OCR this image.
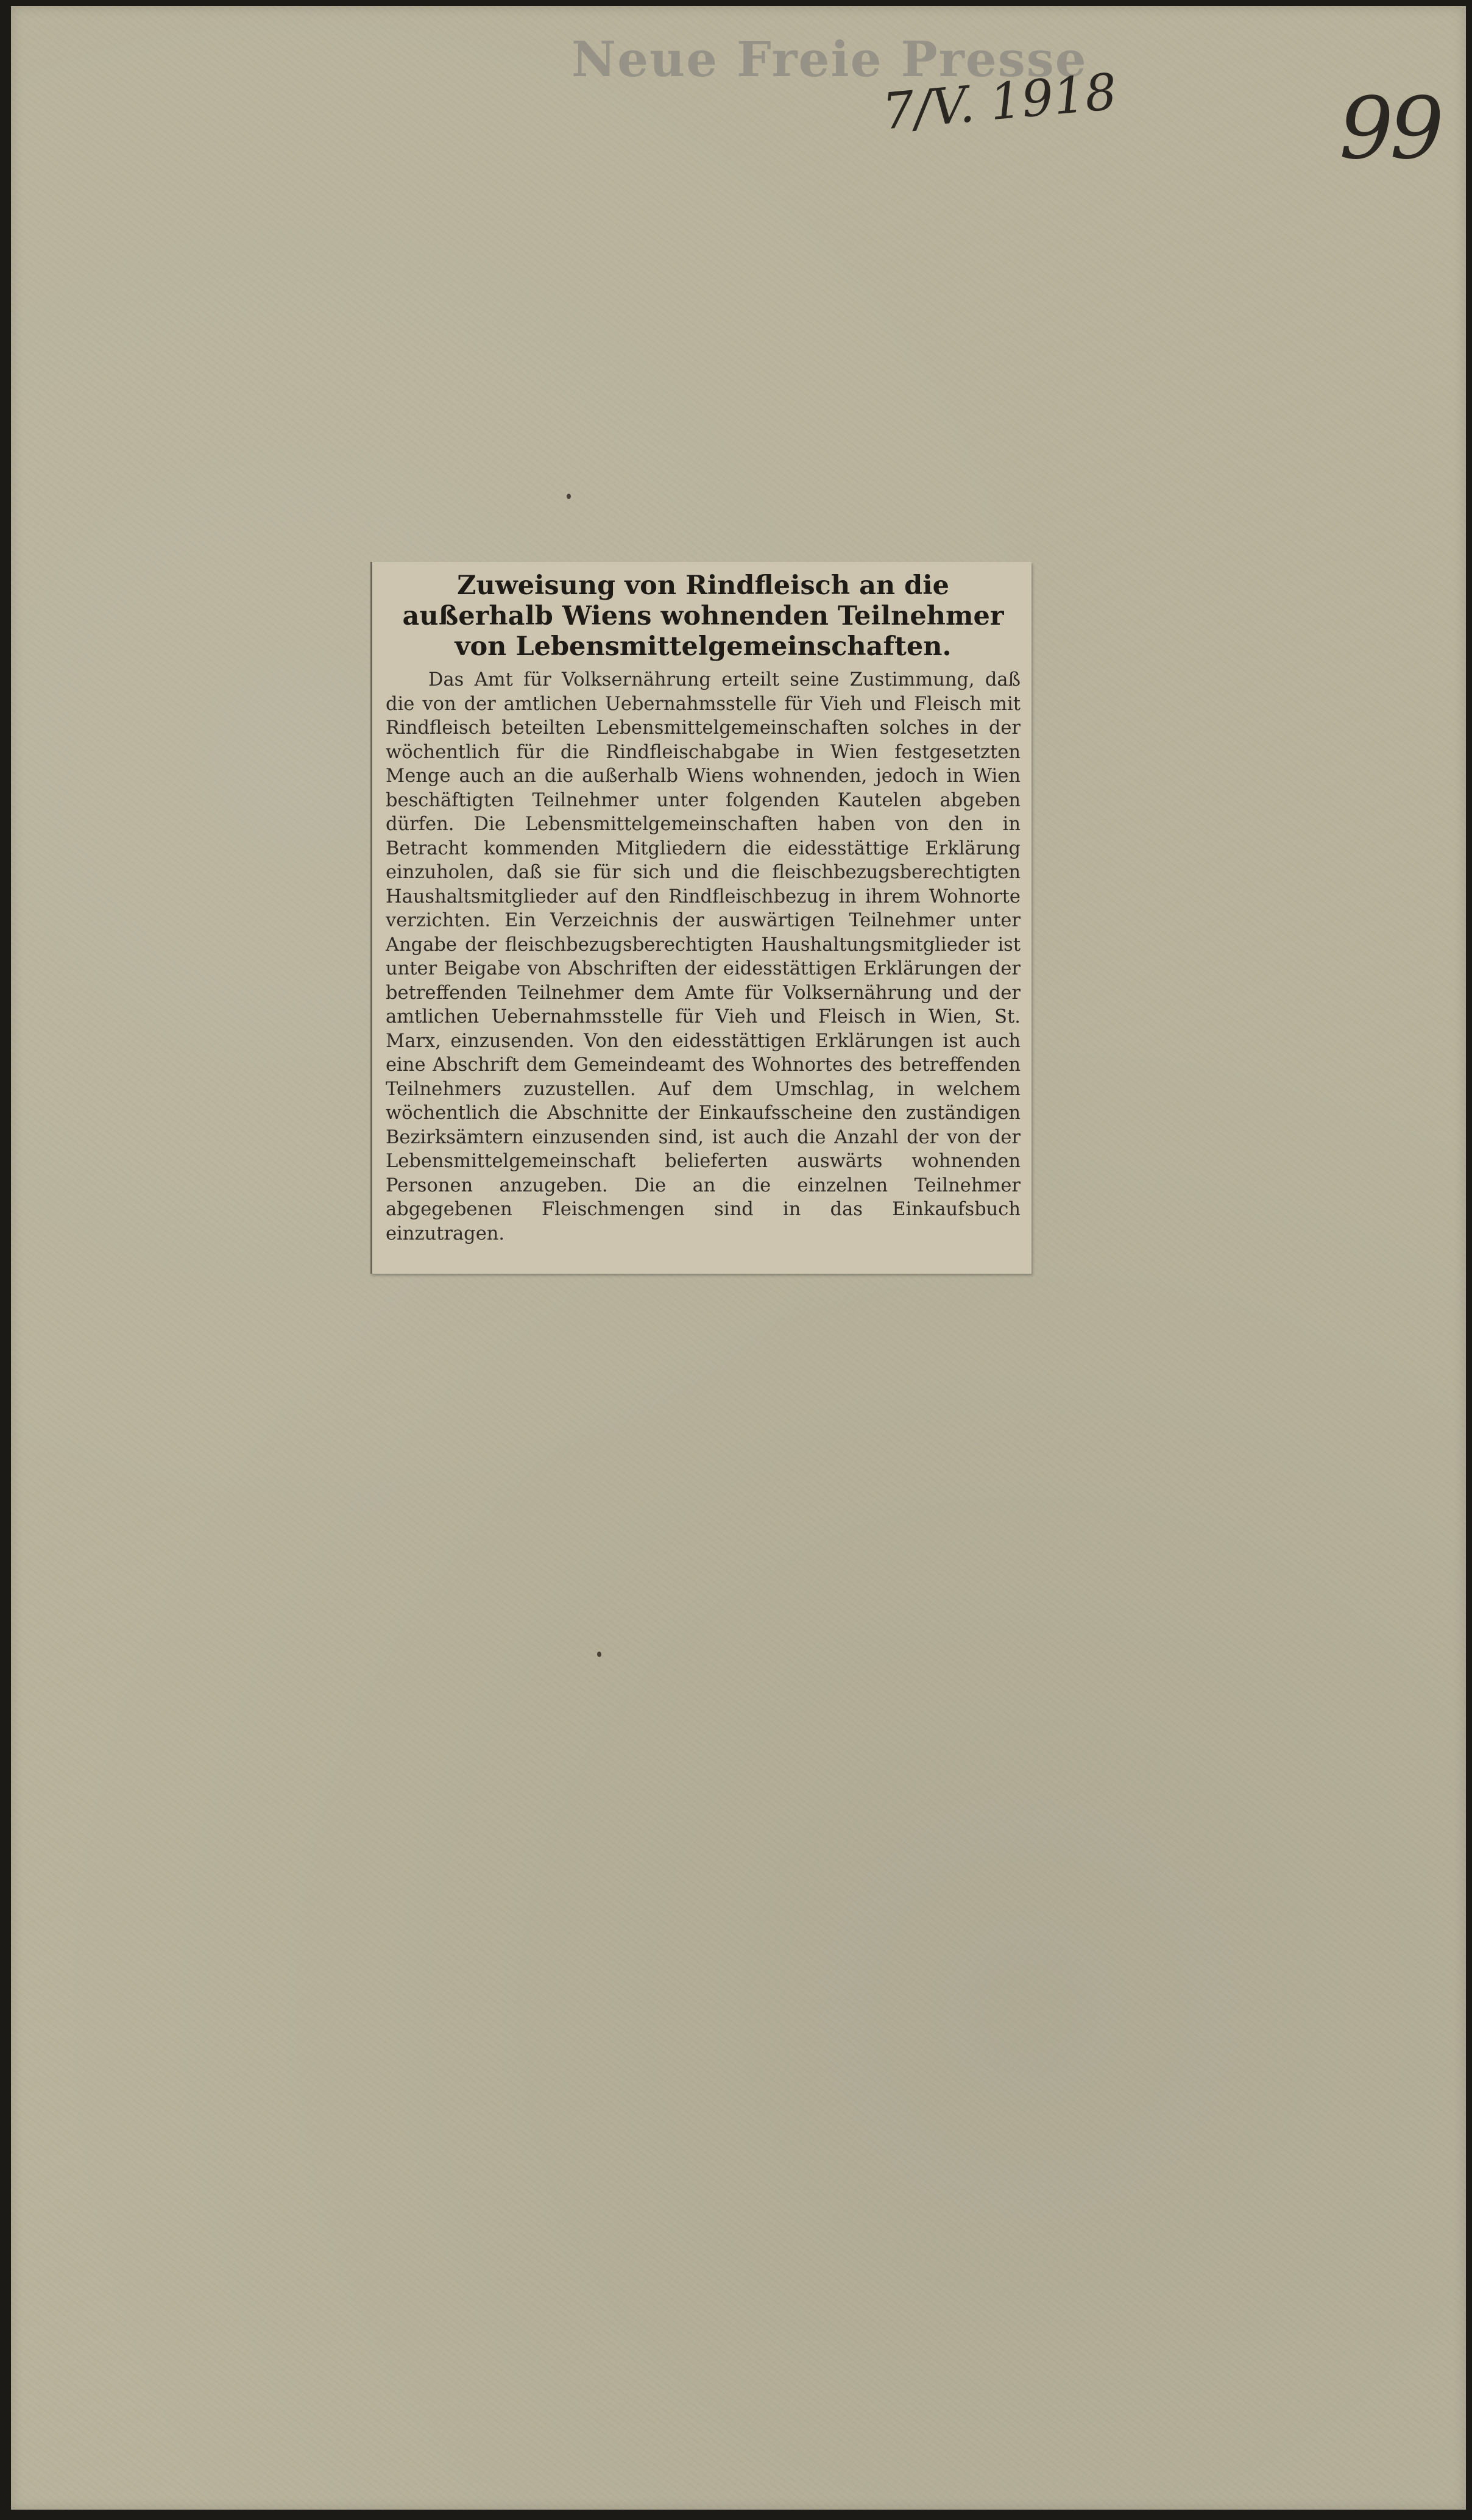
Neue Freie Presse
7/V. 1918	99
Zuweisung von Rindfleisch an die außerhalb Wiens wohnenden Teilnehmer von Lebensmittelgemeinschaften.
Das Amt für Volksernährung erteilt seine Zustimmung, daß die von der amtlichen Uebernahmsstelle für Vieh und Fleisch mit Rindfleisch beteilten Lebensmittelgemeinschaften solches in der wöchentlich für die Rindfleischabgabe in Wien festgesetzten Menge auch an die außerhalb Wiens wohnenden, jedoch in Wien beschäftigten Teilnehmer unter folgenden Kautelen abgeben dürfen. Die Lebensmittelgemeinschaften haben von den in Betracht kommenden Mitgliedern die eidesstättige Erklärung einzuholen, daß sie für sich und die fleischbezugsberechtigten Haushaltsmitglieder auf den Rindfleischbezug in ihrem Wohnorte verzichten. Ein Verzeichnis der auswärtigen Teilnehmer unter Angabe der fleischbezugsberechtigten Haushaltungsmitglieder ist unter Beigabe von Abschriften der eidesstättigen Erklärungen der betreffenden Teilnehmer dem Amte für Volksernährung und der amtlichen Uebernahmsstelle für Vieh und Fleisch in Wien, St. Marx, einzusenden. Von den eidesstättigen Erklärungen ist auch eine Abschrift dem Gemeindeamt des Wohnortes des betreffenden Teilnehmers zuzustellen. Auf dem Umschlag, in welchem wöchentlich die Abschnitte der Einkaufsscheine den zuständigen Bezirksämtern einzusenden sind, ist auch die Anzahl der von der Lebensmittelgemeinschaft belieferten auswärts wohnenden Personen anzugeben. Die an die einzelnen Teilnehmer abgegebenen Fleischmengen sind in das Einkaufsbuch einzutragen.
